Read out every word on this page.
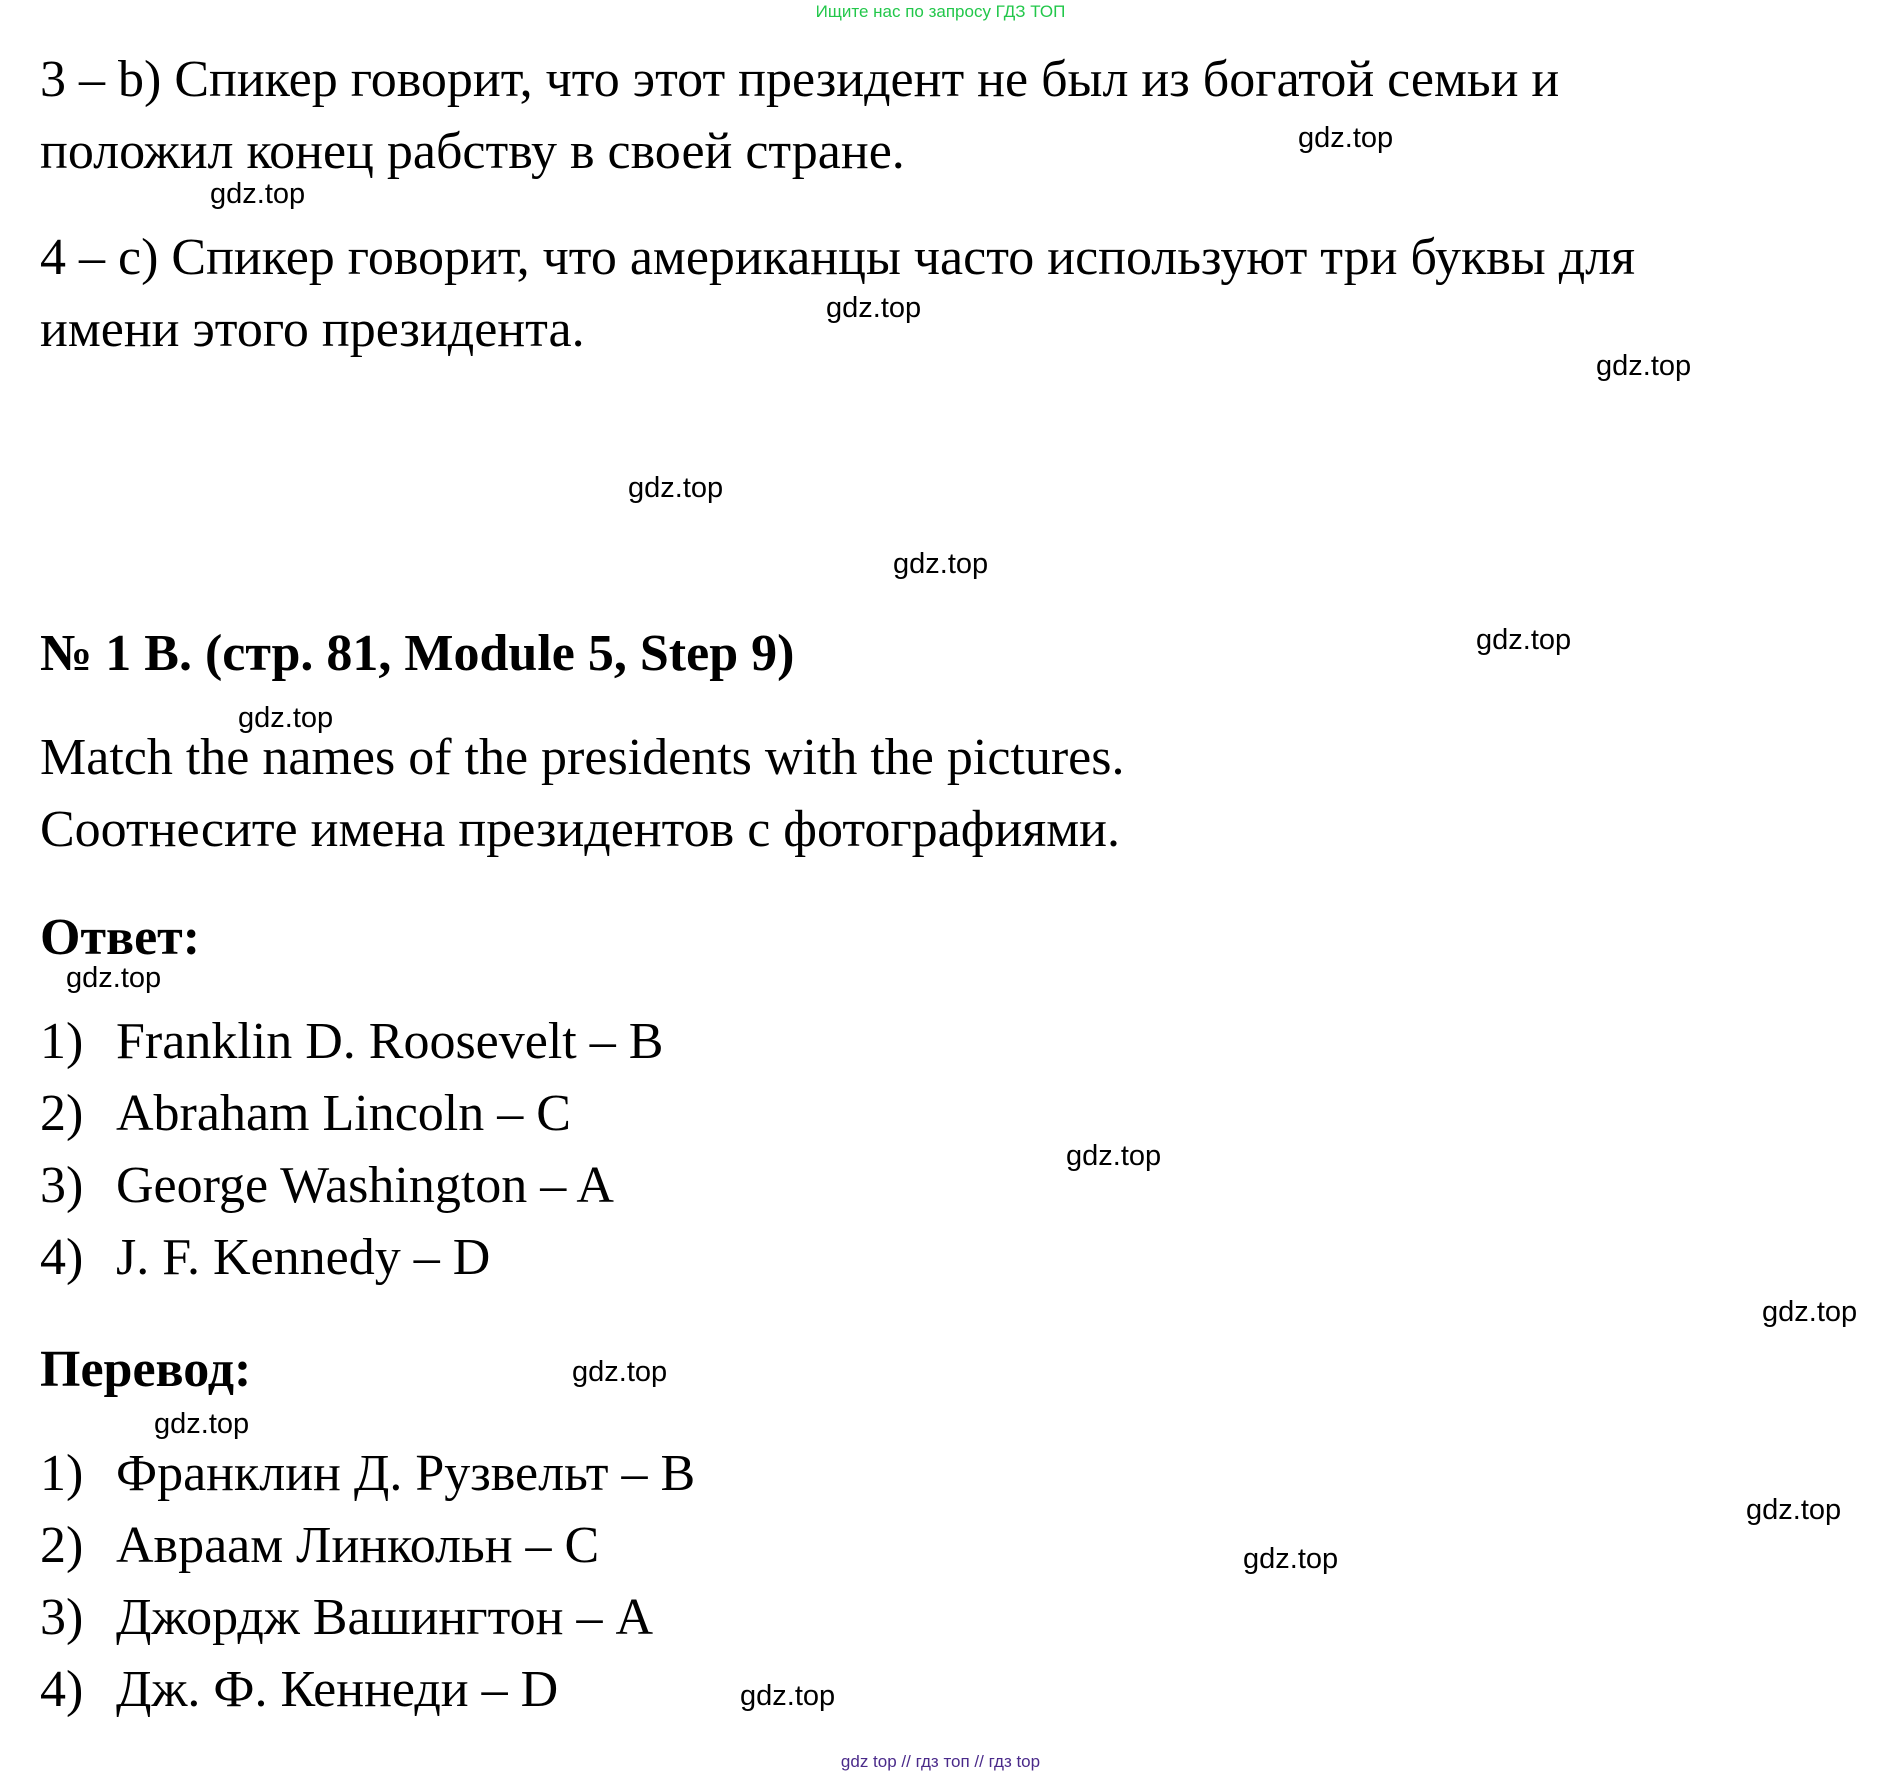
Ищите нас по запросу ГДЗ ТОП

3 – b) Спикер говорит, что этот президент не был из богатой семьи и

положил конец рабству в своей стране.

4 – c) Спикер говорит, что американцы часто используют три буквы для

имени этого президента.

№ 1 B. (стр. 81, Module 5, Step 9)

Match the names of the presidents with the pictures.

Соотнесите имена президентов с фотографиями.

Ответ:
1) Franklin D. Roosevelt – B
2) Abraham Lincoln – C
3) George Washington – A
4) J. F. Kennedy – D
Перевод:
1) Франклин Д. Рузвельт – B
2) Авраам Линкольн – C
3) Джордж Вашингтон – A
4) Дж. Ф. Кеннеди – D
gdz.top
gdz.top
gdz.top
gdz.top
gdz.top
gdz.top
gdz.top
gdz.top
gdz.top
gdz.top
gdz.top
gdz.top
gdz.top
gdz.top
gdz.top
gdz.top
gdz top // гдз топ // гдз top
